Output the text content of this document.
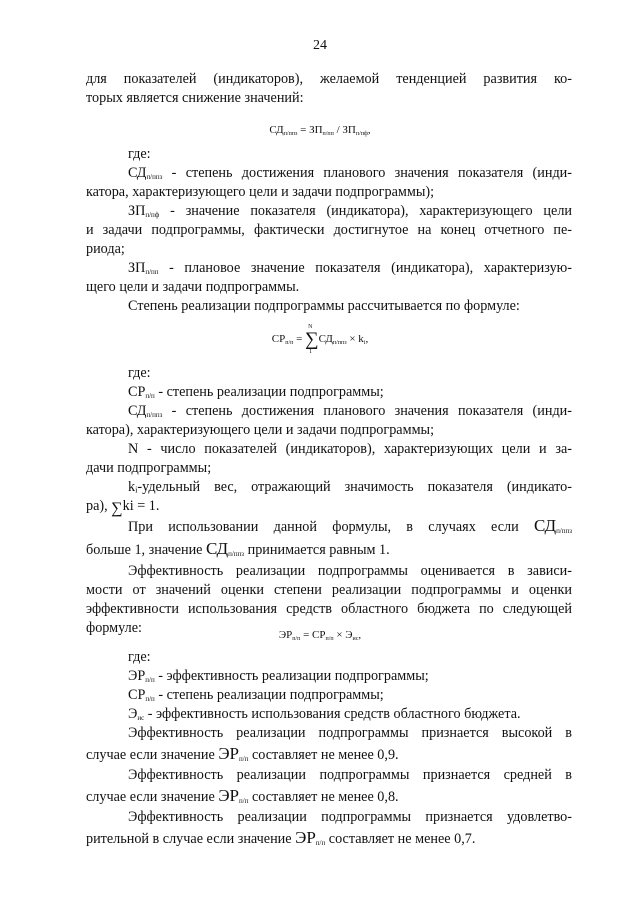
24
для показателей (индикаторов), желаемой тенденцией развития ко-
торых является снижение значений:
$СД_{п/ппз} = ЗП_{п/пп} / ЗП_{п/пф}$,
где:
СДп/ппз - степень достижения планового значения показателя (инди-
катора, характеризующего цели и задачи подпрограммы);
ЗПп/пф - значение показателя (индикатора), характеризующего цели
и задачи подпрограммы, фактически достигнутое на конец отчетного пе-
риода;
ЗПп/пп - плановое значение показателя (индикатора), характеризую-
щего цели и задачи подпрограммы.
Степень реализации подпрограммы рассчитывается по формуле:
$СР_{п/п}$ =
N
∑
1
$СД_{п/ппз} \times k_i$,
где:
СРп/п - степень реализации подпрограммы;
СДп/ппз - степень достижения планового значения показателя (инди-
катора), характеризующего цели и задачи подпрограммы;
N - число показателей (индикаторов), характеризующих цели и за-
дачи подпрограммы;
kᵢ-удельный вес, отражающий значимость показателя (индикато-
ра), ∑ki = 1.
При использовании данной формулы, в случаях если СДп/ппз
больше 1, значение СДп/ппз принимается равным 1.
Эффективность реализации подпрограммы оценивается в зависи-
мости от значений оценки степени реализации подпрограммы и оценки
эффективности использования средств областного бюджета по следующей
формуле:	$ЭР_{п/п} = СР_{п/п} \times Э_{ис}$,
где:
ЭРп/п - эффективность реализации подпрограммы;
СРп/п - степень реализации подпрограммы;
Эис - эффективность использования средств областного бюджета.
Эффективность реализации подпрограммы признается высокой в
случае если значение ЭРп/п составляет не менее 0,9.
Эффективность реализации подпрограммы признается средней в
случае если значение ЭРп/п составляет не менее 0,8.
Эффективность реализации подпрограммы признается удовлетво-
рительной в случае если значение ЭРп/п составляет не менее 0,7.
